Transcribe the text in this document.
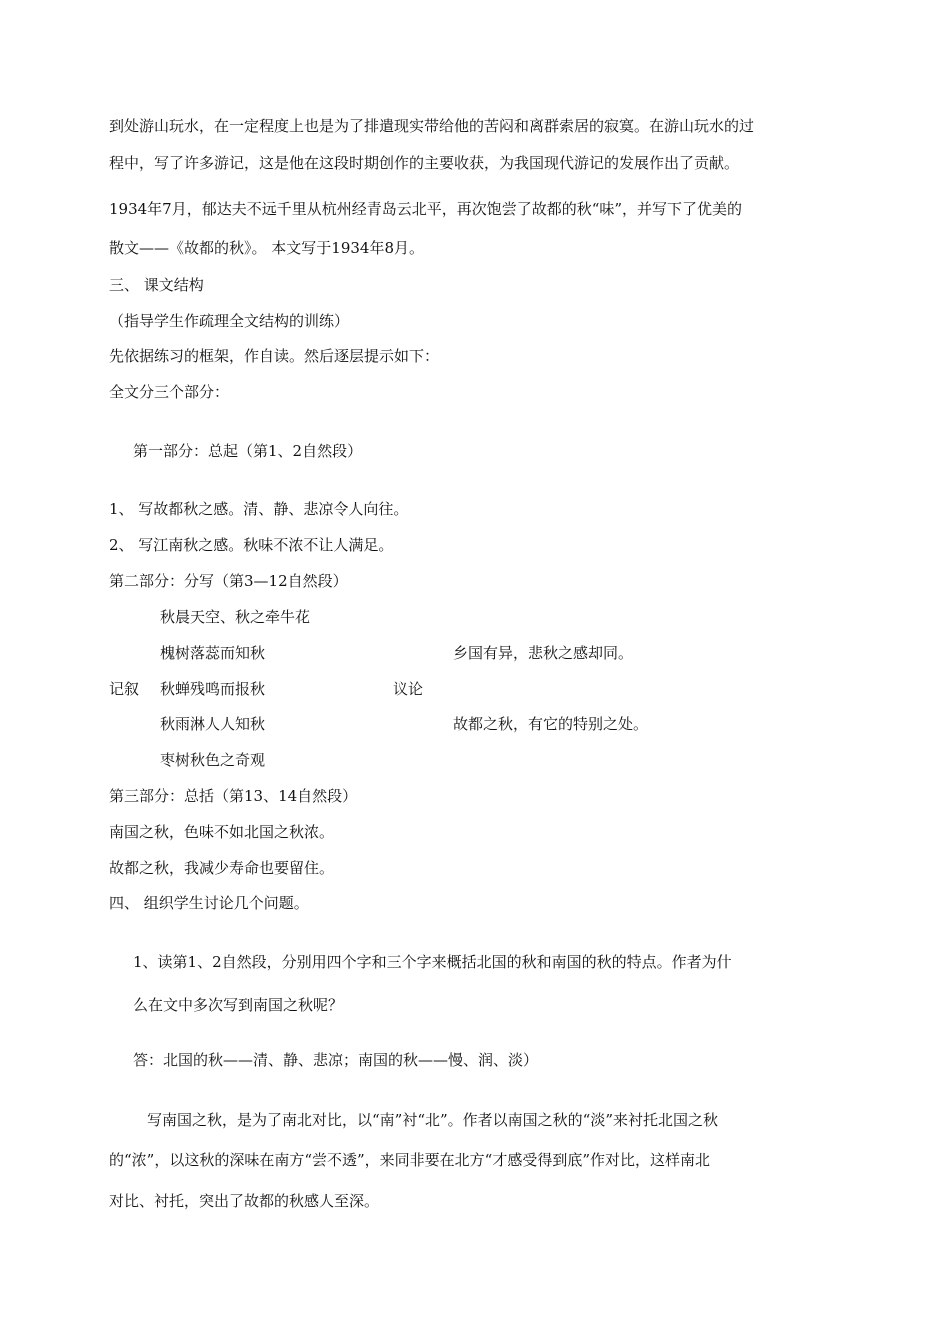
到处游山玩水，在一定程度上也是为了排遣现实带给他的苦闷和离群索居的寂寞。在游山玩水的过
程中，写了许多游记，这是他在这段时期创作的主要收获，为我国现代游记的发展作出了贡献。
1934年7月，郁达夫不远千里从杭州经青岛云北平，再次饱尝了故都的秋“味”，并写下了优美的
散文——《故都的秋》。 本文写于1934年8月。
三、 课文结构
（指导学生作疏理全文结构的训练）
先依据练习的框架，作自读。然后逐层提示如下：
全文分三个部分：
第一部分：总起（第1、2自然段）
1、 写故都秋之感。清、静、悲凉令人向往。
2、 写江南秋之感。秋味不浓不让人满足。
第二部分：分写（第3—12自然段）
秋晨天空、秋之牵牛花
槐树落蕊而知秋	乡国有异，悲秋之感却同。
记叙 秋蝉残鸣而报秋	议论
秋雨淋人人知秋	故都之秋，有它的特别之处。
枣树秋色之奇观
第三部分：总括（第13、14自然段）
南国之秋，色味不如北国之秋浓。
故都之秋，我减少寿命也要留住。
四、 组织学生讨论几个问题。
1、读第1、2自然段，分别用四个字和三个字来概括北国的秋和南国的秋的特点。作者为什
么在文中多次写到南国之秋呢？
答：北国的秋——清、静、悲凉；南国的秋——慢、润、淡）
写南国之秋，是为了南北对比，以“南”衬“北”。作者以南国之秋的“淡”来衬托北国之秋
的“浓”，以这秋的深味在南方“尝不透”，来同非要在北方“才感受得到底”作对比，这样南北
对比、衬托，突出了故都的秋感人至深。
